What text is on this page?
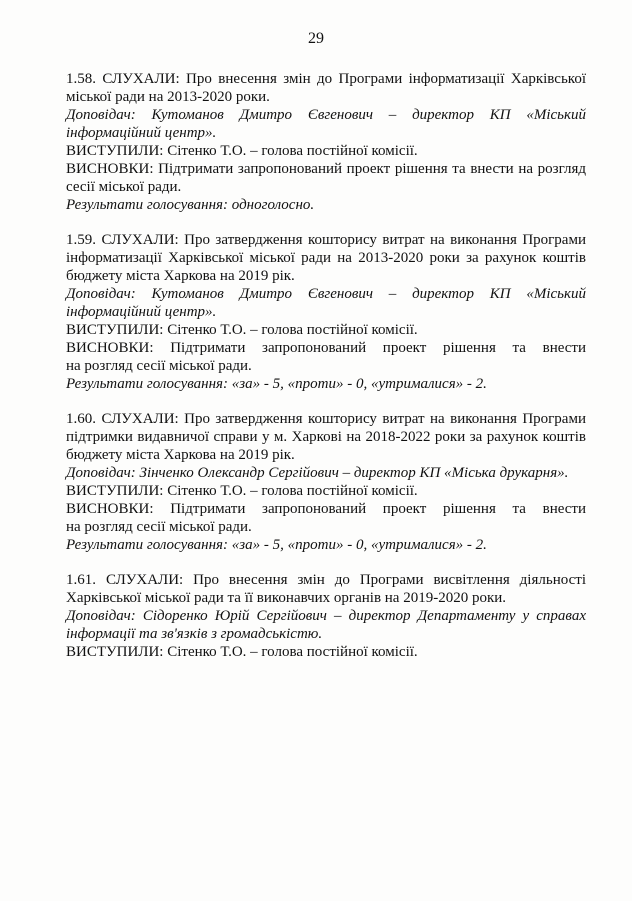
29

1.58. СЛУХАЛИ: Про внесення змін до Програми інформатизації Харківської міської ради на 2013-2020 роки.

Доповідач: Кутоманов Дмитро Євгенович – директор КП «Міський інформаційний центр».

ВИСТУПИЛИ: Сітенко Т.О. – голова постійної комісії.

ВИСНОВКИ: Підтримати запропонований проект рішення та внести на розгляд

сесії міської ради.

Результати голосування: одноголосно.

1.59. СЛУХАЛИ: Про затвердження кошторису витрат на виконання Програми інформатизації Харківської міської ради на 2013-2020 роки за рахунок коштів бюджету міста Харкова на 2019 рік.

Доповідач: Кутоманов Дмитро Євгенович – директор КП «Міський інформаційний центр».

ВИСТУПИЛИ: Сітенко Т.О. – голова постійної комісії.

ВИСНОВКИ: Підтримати запропонований проект рішення та внести

на розгляд сесії міської ради.

Результати голосування: «за» - 5, «проти» - 0, «утрималися» - 2.

1.60. СЛУХАЛИ: Про затвердження кошторису витрат на виконання Програми підтримки видавничої справи у м. Харкові на 2018-2022 роки за рахунок коштів бюджету міста Харкова на 2019 рік.

Доповідач: Зінченко Олександр Сергійович – директор КП «Міська друкарня».

ВИСТУПИЛИ: Сітенко Т.О. – голова постійної комісії.

ВИСНОВКИ: Підтримати запропонований проект рішення та внести

на розгляд сесії міської ради.

Результати голосування: «за» - 5, «проти» - 0, «утрималися» - 2.

1.61. СЛУХАЛИ: Про внесення змін до Програми висвітлення діяльності Харківської міської ради та її виконавчих органів на 2019-2020 роки.

Доповідач: Сідоренко Юрій Сергійович – директор Департаменту у справах інформації та зв'язків з громадськістю.

ВИСТУПИЛИ: Сітенко Т.О. – голова постійної комісії.
